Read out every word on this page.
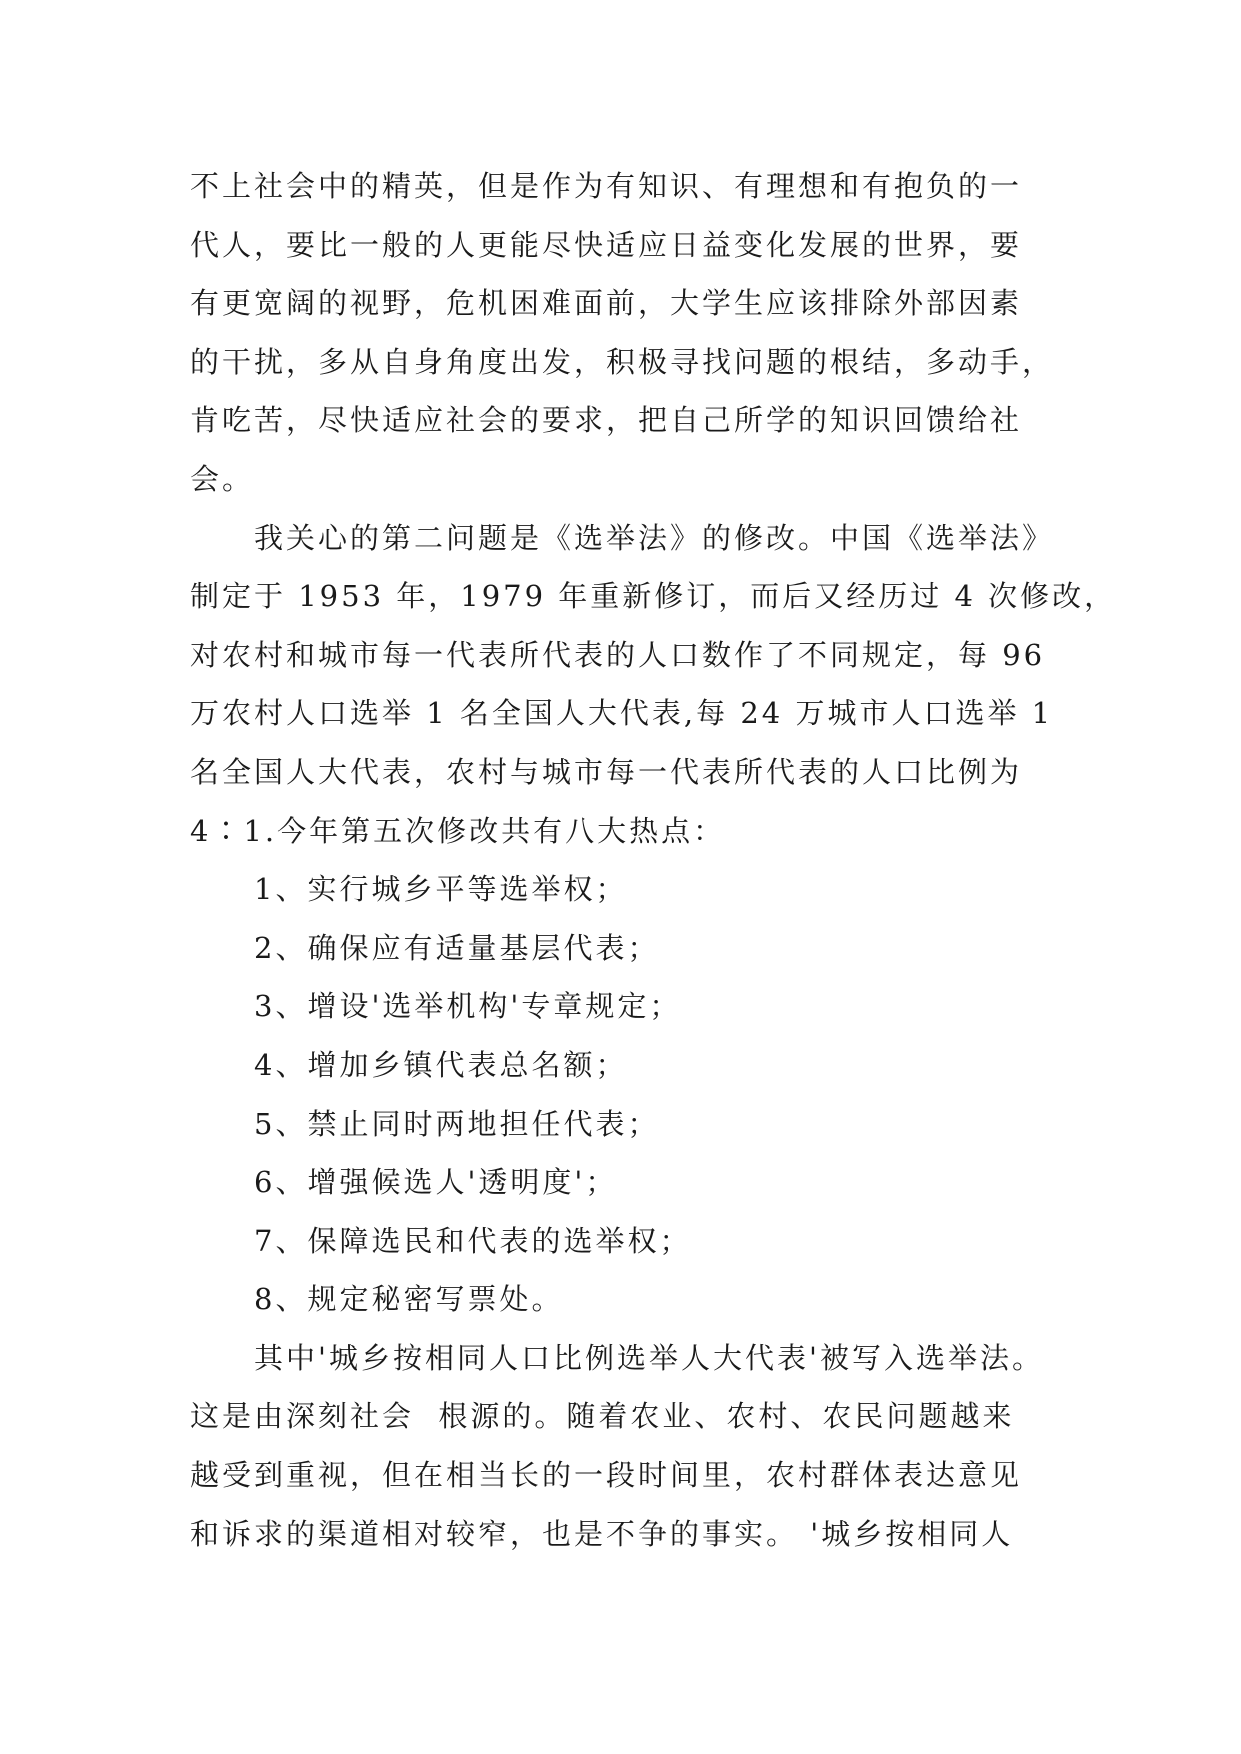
不上社会中的精英，但是作为有知识、有理想和有抱负的一
代人，要比一般的人更能尽快适应日益变化发展的世界，要
有更宽阔的视野，危机困难面前，大学生应该排除外部因素
的干扰，多从自身角度出发，积极寻找问题的根结，多动手，
肯吃苦，尽快适应社会的要求，把自己所学的知识回馈给社
会。
我关心的第二问题是《选举法》的修改。中国《选举法》
制定于 1953 年，1979 年重新修订，而后又经历过 4 次修改，
对农村和城市每一代表所代表的人口数作了不同规定，每 96
万农村人口选举 1 名全国人大代表,每 24 万城市人口选举 1
名全国人大代表，农村与城市每一代表所代表的人口比例为
4∶1.今年第五次修改共有八大热点：
1、实行城乡平等选举权；
2、确保应有适量基层代表；
3、增设'选举机构'专章规定；
4、增加乡镇代表总名额；
5、禁止同时两地担任代表；
6、增强候选人'透明度'；
7、保障选民和代表的选举权；
8、规定秘密写票处。
其中'城乡按相同人口比例选举人大代表'被写入选举法。
这是由深刻社会  根源的。随着农业、农村、农民问题越来
越受到重视，但在相当长的一段时间里，农村群体表达意见
和诉求的渠道相对较窄，也是不争的事实。 '城乡按相同人
